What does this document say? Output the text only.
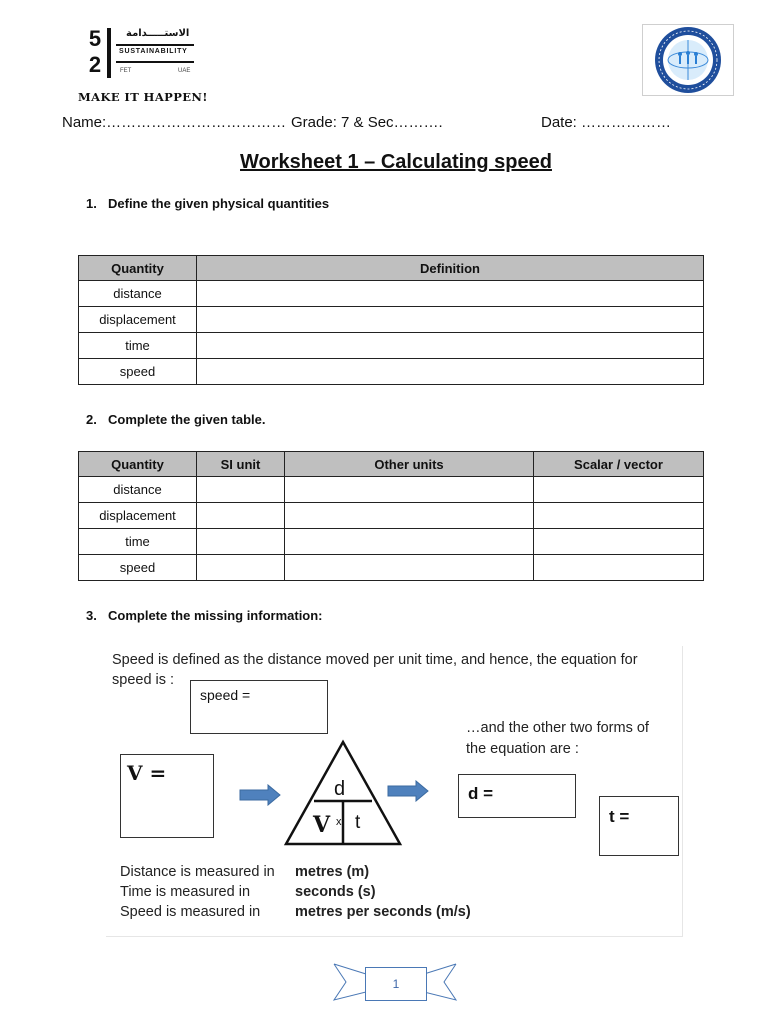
5
2
الاستـــــدامة
SUSTAINABILITY
FET	UAE
MAKE IT HAPPEN!
Name:……………………………… Grade: 7 & Sec……….	Date: ………………
Worksheet 1 – Calculating speed
1. Define the given physical quantities
Quantity	Definition
distance	
displacement	
time	
speed	
2. Complete the given table.
Quantity	SI unit	Other units	Scalar / vector
distance			
displacement			
time			
speed			
3. Complete the missing information:
Speed is defined as the distance moved per unit time, and hence, the equation for
speed is :
speed =
…and the other two forms of
the equation are :
V =
d
V x t
d =
t =
Distance is measured in
Time is measured in
Speed is measured in
metres (m)
seconds (s)
metres per seconds (m/s)
1
